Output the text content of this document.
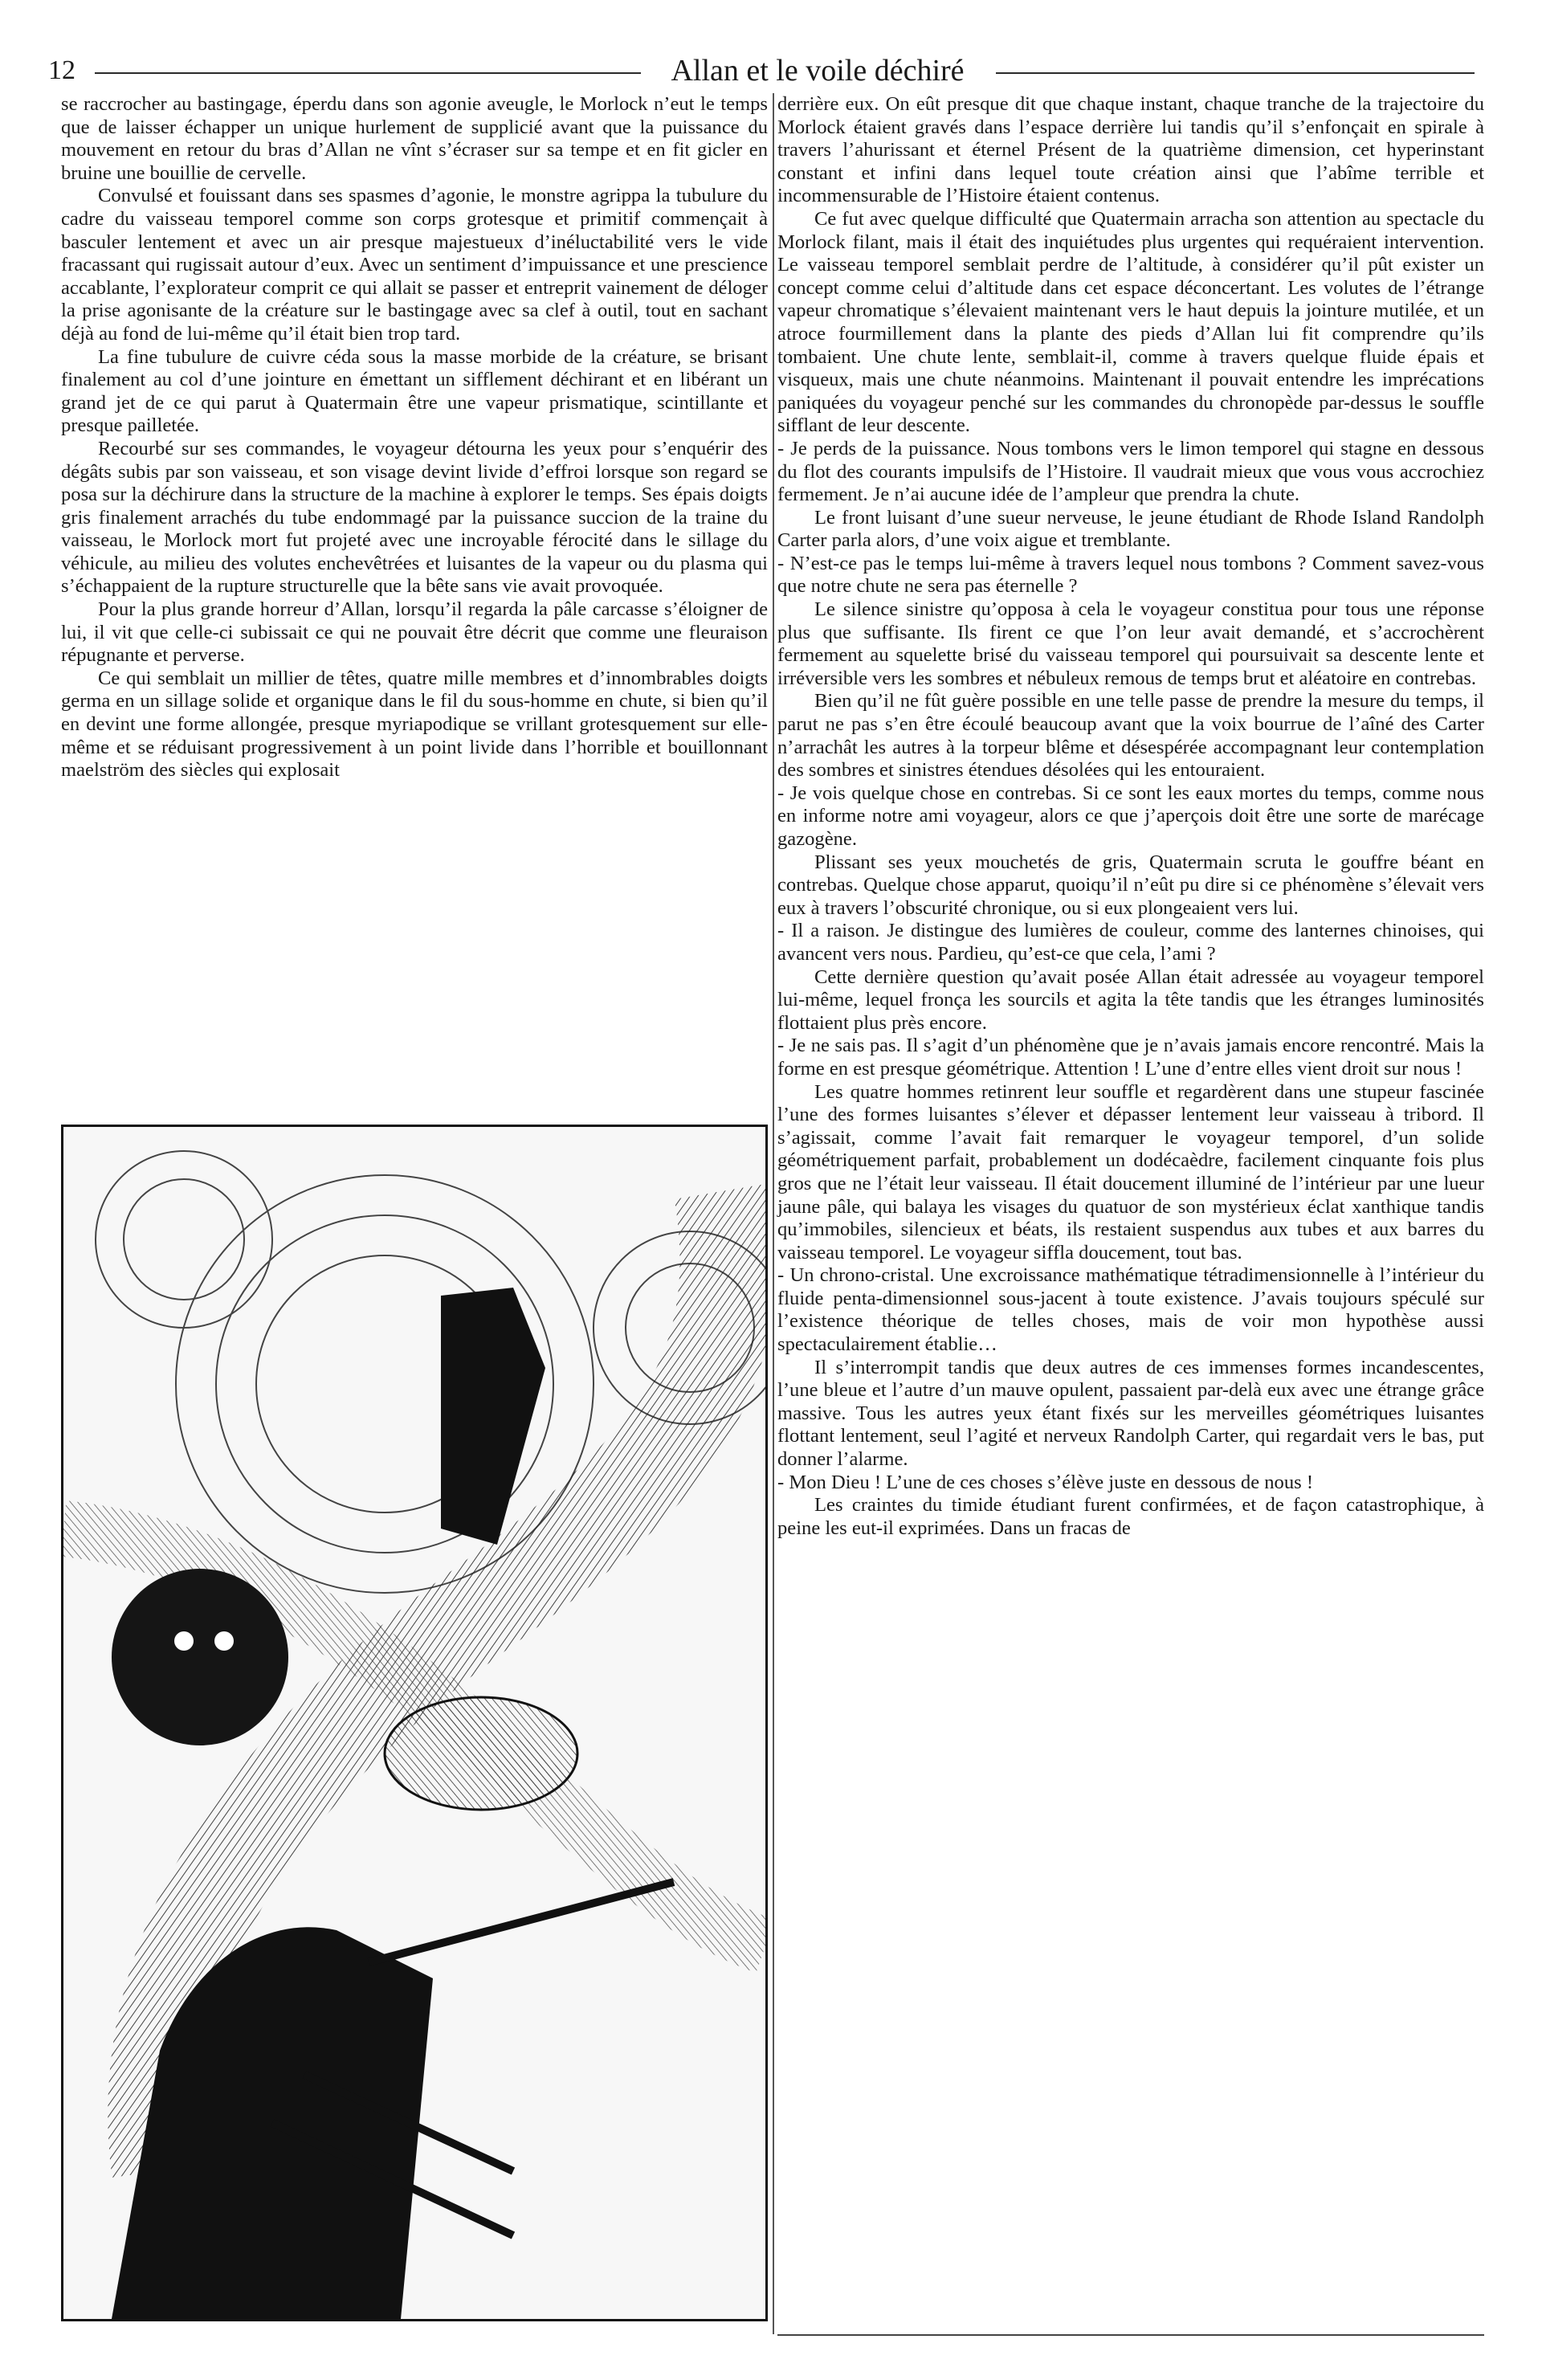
12	Allan et le voile déchiré

se raccrocher au bastingage, éperdu dans son agonie aveugle, le Morlock n’eut le temps que de laisser échapper un unique hurlement de supplicié avant que la puissance du mouvement en retour du bras d’Allan ne vînt s’écraser sur sa tempe et en fit gicler en bruine une bouillie de cervelle.

Convulsé et fouissant dans ses spasmes d’agonie, le monstre agrippa la tubulure du cadre du vaisseau temporel comme son corps grotesque et primitif commençait à basculer lentement et avec un air presque majestueux d’inéluctabilité vers le vide fracassant qui rugissait autour d’eux. Avec un sentiment d’impuissance et une prescience accablante, l’explorateur comprit ce qui allait se passer et entreprit vainement de déloger la prise agonisante de la créature sur le bastingage avec sa clef à outil, tout en sachant déjà au fond de lui-même qu’il était bien trop tard.

La fine tubulure de cuivre céda sous la masse morbide de la créature, se brisant finalement au col d’une jointure en émettant un sifflement déchirant et en libérant un grand jet de ce qui parut à Quatermain être une vapeur prismatique, scintillante et presque pailletée.

Recourbé sur ses commandes, le voyageur détourna les yeux pour s’enquérir des dégâts subis par son vaisseau, et son visage devint livide d’effroi lorsque son regard se posa sur la déchirure dans la structure de la machine à explorer le temps. Ses épais doigts gris finalement arrachés du tube endommagé par la puissance succion de la traine du vaisseau, le Morlock mort fut projeté avec une incroyable férocité dans le sillage du véhicule, au milieu des volutes enchevêtrées et luisantes de la vapeur ou du plasma qui s’échappaient de la rupture structurelle que la bête sans vie avait provoquée.

Pour la plus grande horreur d’Allan, lorsqu’il regarda la pâle carcasse s’éloigner de lui, il vit que celle-ci subissait ce qui ne pouvait être décrit que comme une fleuraison répugnante et perverse.

Ce qui semblait un millier de têtes, quatre mille membres et d’innombrables doigts germa en un sillage solide et organique dans le fil du sous-homme en chute, si bien qu’il en devint une forme allongée, presque myriapodique se vrillant grotesquement sur elle-même et se réduisant progressivement à un point livide dans l’horrible et bouillonnant maelström des siècles qui explosait

derrière eux. On eût presque dit que chaque instant, chaque tranche de la trajectoire du Morlock étaient gravés dans l’espace derrière lui tandis qu’il s’enfonçait en spirale à travers l’ahurissant et éternel Présent de la quatrième dimension, cet hyperinstant constant et infini dans lequel toute création ainsi que l’abîme terrible et incommensurable de l’Histoire étaient contenus.

Ce fut avec quelque difficulté que Quatermain arracha son attention au spectacle du Morlock filant, mais il était des inquiétudes plus urgentes qui requéraient intervention. Le vaisseau temporel semblait perdre de l’altitude, à considérer qu’il pût exister un concept comme celui d’altitude dans cet espace déconcertant. Les volutes de l’étrange vapeur chromatique s’élevaient maintenant vers le haut depuis la jointure mutilée, et un atroce fourmillement dans la plante des pieds d’Allan lui fit comprendre qu’ils tombaient. Une chute lente, semblait-il, comme à travers quelque fluide épais et visqueux, mais une chute néanmoins. Maintenant il pouvait entendre les imprécations paniquées du voyageur penché sur les commandes du chronopède par-dessus le souffle sifflant de leur descente.

- Je perds de la puissance. Nous tombons vers le limon temporel qui stagne en dessous du flot des courants impulsifs de l’Histoire. Il vaudrait mieux que vous vous accrochiez fermement. Je n’ai aucune idée de l’ampleur que prendra la chute.

Le front luisant d’une sueur nerveuse, le jeune étudiant de Rhode Island Randolph Carter parla alors, d’une voix aigue et tremblante.

- N’est-ce pas le temps lui-même à travers lequel nous tombons ? Comment savez-vous que notre chute ne sera pas éternelle ?

Le silence sinistre qu’opposa à cela le voyageur constitua pour tous une réponse plus que suffisante. Ils firent ce que l’on leur avait demandé, et s’accrochèrent fermement au squelette brisé du vaisseau temporel qui poursuivait sa descente lente et irréversible vers les sombres et nébuleux remous de temps brut et aléatoire en contrebas.

Bien qu’il ne fût guère possible en une telle passe de prendre la mesure du temps, il parut ne pas s’en être écoulé beaucoup avant que la voix bourrue de l’aîné des Carter n’arrachât les autres à la torpeur blême et désespérée accompagnant leur contemplation des sombres et sinistres étendues désolées qui les entouraient.

- Je vois quelque chose en contrebas. Si ce sont les eaux mortes du temps, comme nous en informe notre ami voyageur, alors ce que j’aperçois doit être une sorte de marécage gazogène.

Plissant ses yeux mouchetés de gris, Quatermain scruta le gouffre béant en contrebas. Quelque chose apparut, quoiqu’il n’eût pu dire si ce phénomène s’élevait vers eux à travers l’obscurité chronique, ou si eux plongeaient vers lui.

- Il a raison. Je distingue des lumières de couleur, comme des lanternes chinoises, qui avancent vers nous. Pardieu, qu’est-ce que cela, l’ami ?

Cette dernière question qu’avait posée Allan était adressée au voyageur temporel lui-même, lequel fronça les sourcils et agita la tête tandis que les étranges luminosités flottaient plus près encore.

- Je ne sais pas. Il s’agit d’un phénomène que je n’avais jamais encore rencontré. Mais la forme en est presque géométrique. Attention ! L’une d’entre elles vient droit sur nous !

Les quatre hommes retinrent leur souffle et regardèrent dans une stupeur fascinée l’une des formes luisantes s’élever et dépasser lentement leur vaisseau à tribord. Il s’agissait, comme l’avait fait remarquer le voyageur temporel, d’un solide géométriquement parfait, probablement un dodécaèdre, facilement cinquante fois plus gros que ne l’était leur vaisseau. Il était doucement illuminé de l’intérieur par une lueur jaune pâle, qui balaya les visages du quatuor de son mystérieux éclat xanthique tandis qu’immobiles, silencieux et béats, ils restaient suspendus aux tubes et aux barres du vaisseau temporel. Le voyageur siffla doucement, tout bas.

- Un chrono-cristal. Une excroissance mathématique tétradimensionnelle à l’intérieur du fluide penta-dimensionnel sous-jacent à toute existence. J’avais toujours spéculé sur l’existence théorique de telles choses, mais de voir mon hypothèse aussi spectaculairement établie…

Il s’interrompit tandis que deux autres de ces immenses formes incandescentes, l’une bleue et l’autre d’un mauve opulent, passaient par-delà eux avec une étrange grâce massive. Tous les autres yeux étant fixés sur les merveilles géométriques luisantes flottant lentement, seul l’agité et nerveux Randolph Carter, qui regardait vers le bas, put donner l’alarme.

- Mon Dieu ! L’une de ces choses s’élève juste en dessous de nous !

Les craintes du timide étudiant furent confirmées, et de façon catastrophique, à peine les eut-il exprimées. Dans un fracas de
